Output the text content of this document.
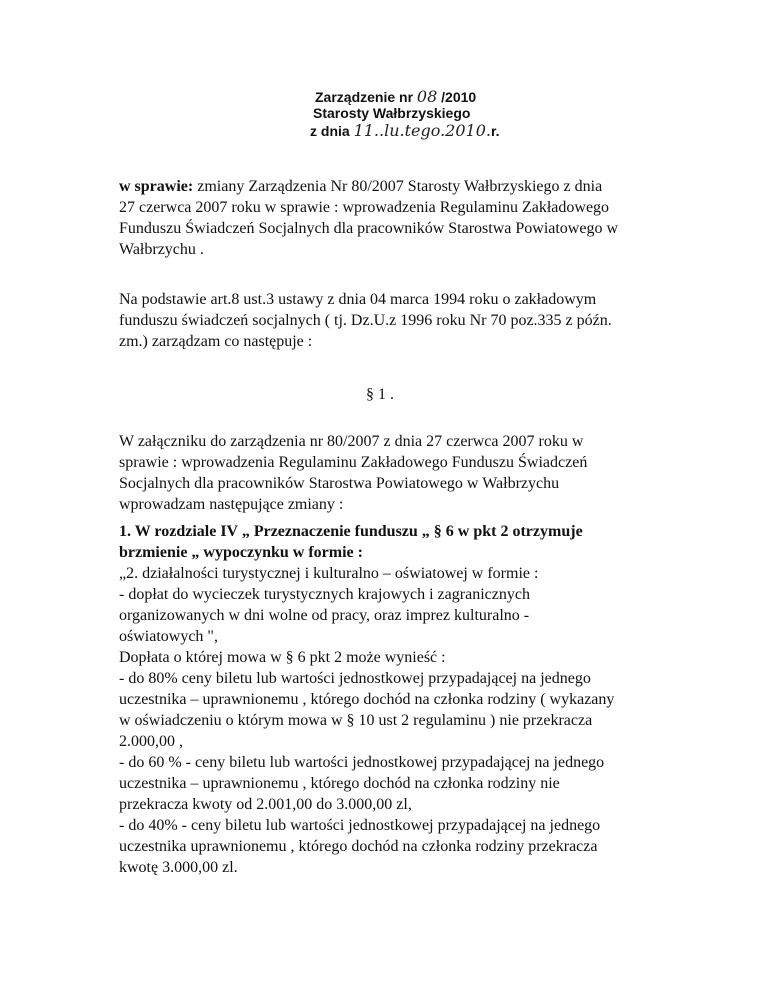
Zarządzenie nr 08 /2010
Starosty Wałbrzyskiego
z dnia 11..lu.tego.2010.r.
w sprawie: zmiany Zarządzenia Nr 80/2007 Starosty Wałbrzyskiego z dnia
27 czerwca 2007 roku w sprawie : wprowadzenia Regulaminu Zakładowego
Funduszu Świadczeń Socjalnych dla pracowników Starostwa Powiatowego w
Wałbrzychu .
Na podstawie art.8 ust.3 ustawy z dnia 04 marca 1994 roku o zakładowym
funduszu świadczeń socjalnych ( tj. Dz.U.z 1996 roku Nr 70 poz.335 z późn.
zm.) zarządzam co następuje :
§ 1 .
W załączniku do zarządzenia nr 80/2007 z dnia 27 czerwca 2007 roku w
sprawie : wprowadzenia Regulaminu Zakładowego Funduszu Świadczeń
Socjalnych dla pracowników Starostwa Powiatowego w Wałbrzychu
wprowadzam następujące zmiany :
1. W rozdziale IV „ Przeznaczenie funduszu „ § 6 w pkt 2 otrzymuje
brzmienie „ wypoczynku w formie :
„2. działalności turystycznej i kulturalno – oświatowej w formie :
- dopłat do wycieczek turystycznych krajowych i zagranicznych
organizowanych w dni wolne od pracy, oraz imprez kulturalno -
oświatowych ",
Dopłata o której mowa w § 6 pkt 2 może wynieść :
- do 80% ceny biletu lub wartości jednostkowej przypadającej na jednego
uczestnika – uprawnionemu , którego dochód na członka rodziny ( wykazany
w oświadczeniu o którym mowa w § 10 ust 2 regulaminu ) nie przekracza
2.000,00 ,
- do 60 % - ceny biletu lub wartości jednostkowej przypadającej na jednego
uczestnika – uprawnionemu , którego dochód na członka rodziny nie
przekracza kwoty od 2.001,00 do 3.000,00 zl,
- do 40% - ceny biletu lub wartości jednostkowej przypadającej na jednego
uczestnika uprawnionemu , którego dochód na członka rodziny przekracza
kwotę 3.000,00 zl.
